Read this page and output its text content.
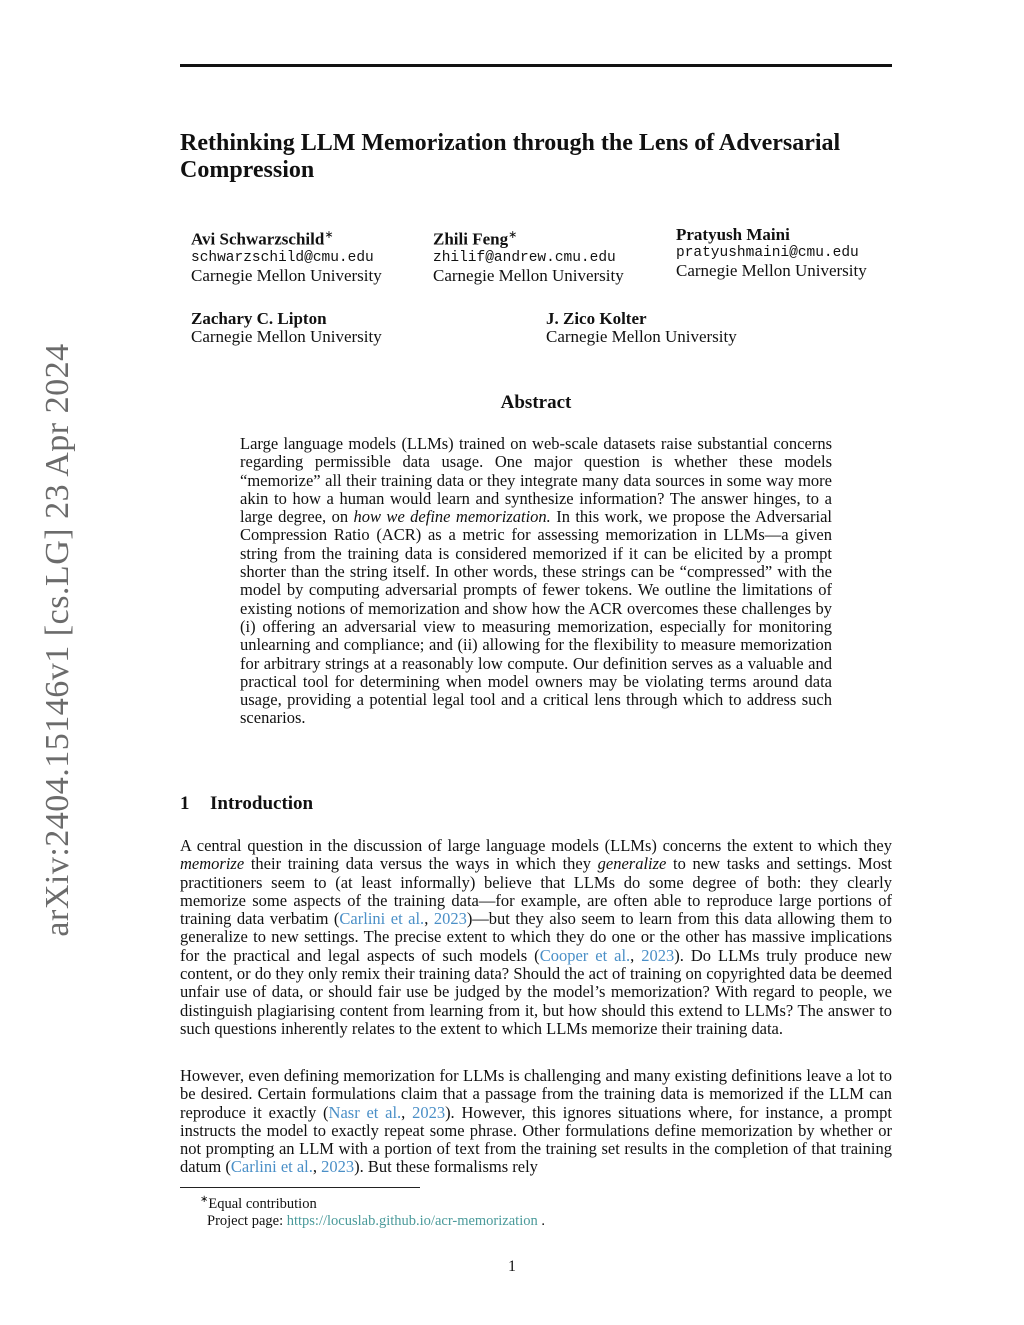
arXiv:2404.15146v1 [cs.LG] 23 Apr 2024
Rethinking LLM Memorization through the Lens of Adversarial Compression
Avi Schwarzschild∗
schwarzschild@cmu.edu
Carnegie Mellon University
Zhili Feng∗
zhilif@andrew.cmu.edu
Carnegie Mellon University
Pratyush Maini
pratyushmaini@cmu.edu
Carnegie Mellon University
Zachary C. Lipton
Carnegie Mellon University
J. Zico Kolter
Carnegie Mellon University
Abstract
Large language models (LLMs) trained on web-scale datasets raise substantial concerns regarding permissible data usage. One major question is whether these models “memorize” all their training data or they integrate many data sources in some way more akin to how a human would learn and synthesize information? The answer hinges, to a large degree, on how we define memorization. In this work, we propose the Adversarial Compression Ratio (ACR) as a metric for assessing memorization in LLMs—a given string from the training data is considered memorized if it can be elicited by a prompt shorter than the string itself. In other words, these strings can be “compressed” with the model by computing adversarial prompts of fewer tokens. We outline the limitations of existing notions of memorization and show how the ACR overcomes these challenges by (i) offering an adversarial view to measuring memorization, especially for monitoring unlearning and compliance; and (ii) allowing for the flexibility to measure memorization for arbitrary strings at a reasonably low compute. Our definition serves as a valuable and practical tool for determining when model owners may be violating terms around data usage, providing a potential legal tool and a critical lens through which to address such scenarios.
1 Introduction
A central question in the discussion of large language models (LLMs) concerns the extent to which they memorize their training data versus the ways in which they generalize to new tasks and settings. Most practitioners seem to (at least informally) believe that LLMs do some degree of both: they clearly memorize some aspects of the training data—for example, are often able to reproduce large portions of training data verbatim (Carlini et al., 2023)—but they also seem to learn from this data allowing them to generalize to new settings. The precise extent to which they do one or the other has massive implications for the practical and legal aspects of such models (Cooper et al., 2023). Do LLMs truly produce new content, or do they only remix their training data? Should the act of training on copyrighted data be deemed unfair use of data, or should fair use be judged by the model’s memorization? With regard to people, we distinguish plagiarising content from learning from it, but how should this extend to LLMs? The answer to such questions inherently relates to the extent to which LLMs memorize their training data.
However, even defining memorization for LLMs is challenging and many existing definitions leave a lot to be desired. Certain formulations claim that a passage from the training data is memorized if the LLM can reproduce it exactly (Nasr et al., 2023). However, this ignores situations where, for instance, a prompt instructs the model to exactly repeat some phrase. Other formulations define memorization by whether or not prompting an LLM with a portion of text from the training set results in the completion of that training datum (Carlini et al., 2023). But these formalisms rely
∗Equal contribution
Project page: https://locuslab.github.io/acr-memorization .
1
